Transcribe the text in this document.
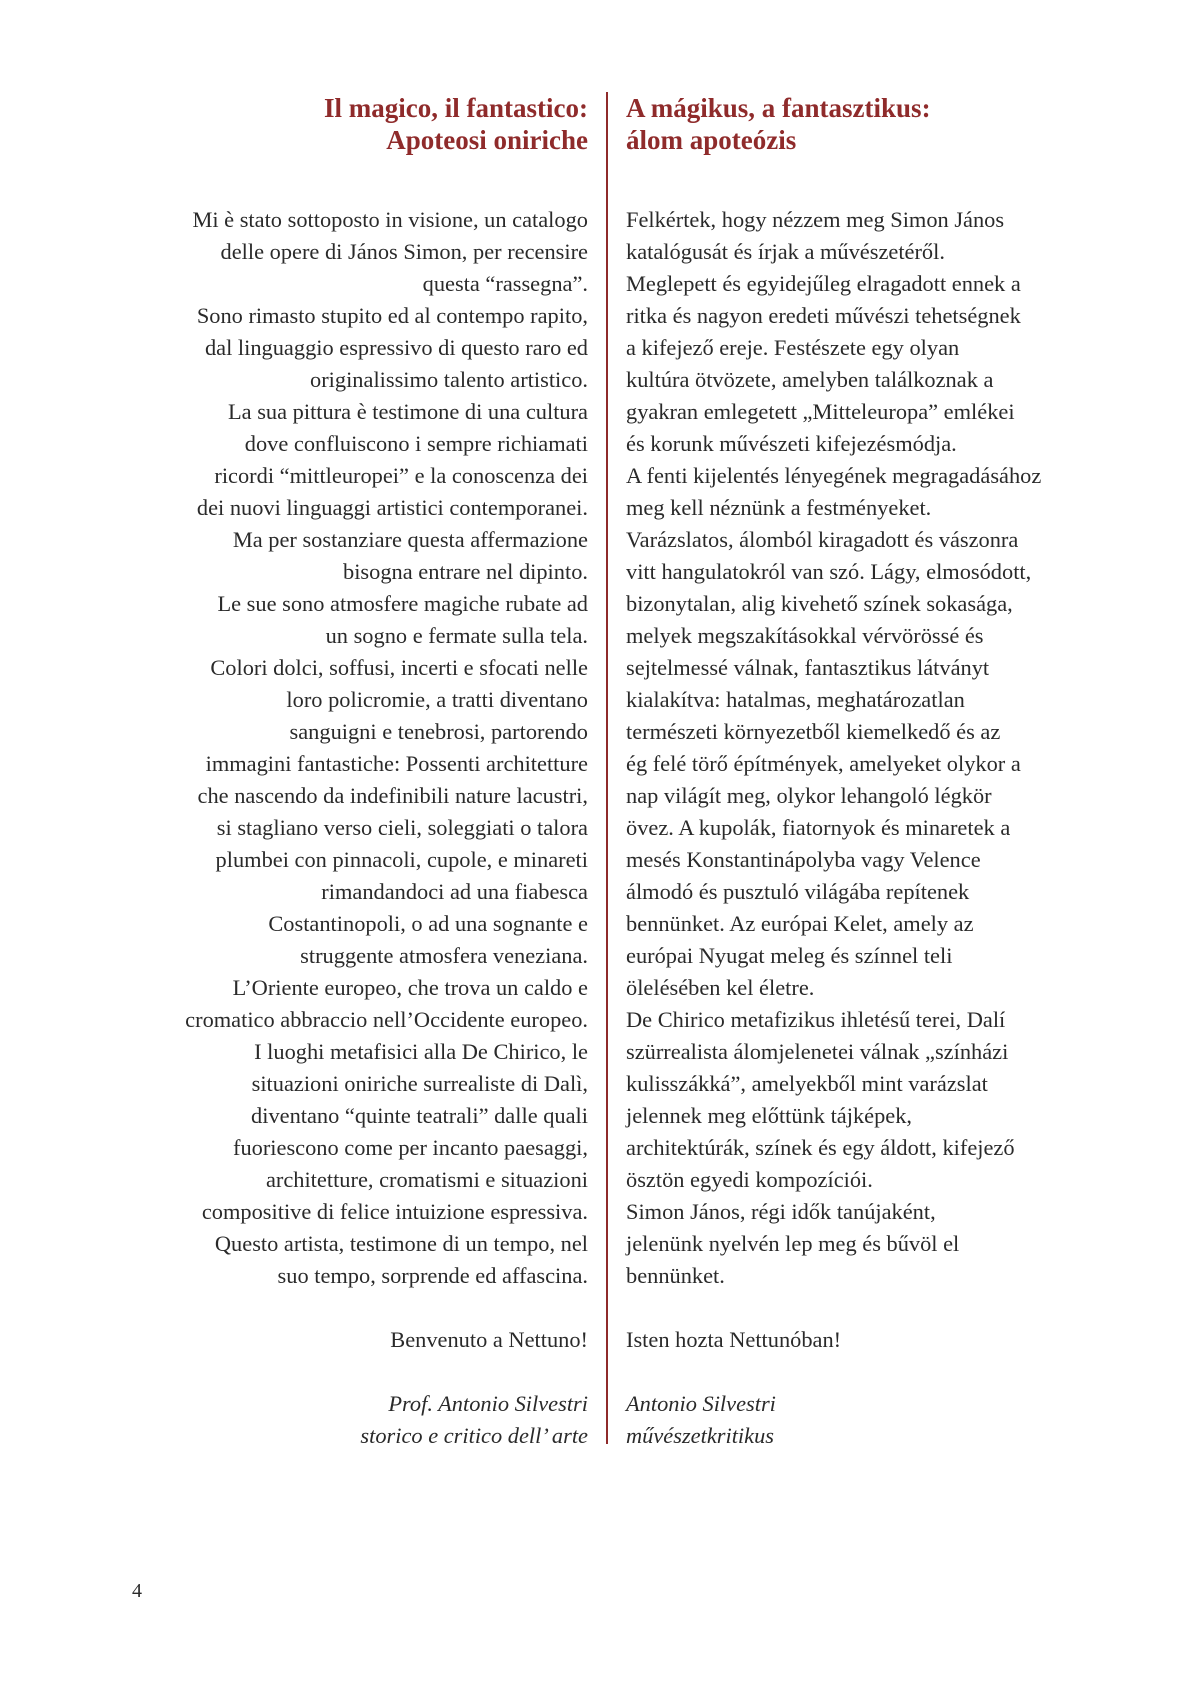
Il magico, il fantastico:
Apoteosi oniriche

Mi è stato sottoposto in visione, un catalogo

delle opere di János Simon, per recensire

questa “rassegna”.

Sono rimasto stupito ed al contempo rapito,

dal linguaggio espressivo di questo raro ed

originalissimo talento artistico.

La sua pittura è testimone di una cultura

dove confluiscono i sempre richiamati

ricordi “mittleuropei” e la conoscenza dei

dei nuovi linguaggi artistici contemporanei.

Ma per sostanziare questa affermazione

bisogna entrare nel dipinto.

Le sue sono atmosfere magiche rubate ad

un sogno e fermate sulla tela.

Colori dolci, soffusi, incerti e sfocati nelle

loro policromie, a tratti diventano

sanguigni e tenebrosi, partorendo

immagini fantastiche: Possenti architetture

che nascendo da indefinibili nature lacustri,

si stagliano verso cieli, soleggiati o talora

plumbei con pinnacoli, cupole, e minareti

rimandandoci ad una fiabesca

Costantinopoli, o ad una sognante e

struggente atmosfera veneziana.

L’Oriente europeo, che trova un caldo e

cromatico abbraccio nell’Occidente europeo.

I luoghi metafisici alla De Chirico, le

situazioni oniriche surrealiste di Dalì,

diventano “quinte teatrali” dalle quali

fuoriescono come per incanto paesaggi,

architetture, cromatismi e situazioni

compositive di felice intuizione espressiva.

Questo artista, testimone di un tempo, nel

suo tempo, sorprende ed affascina.

Benvenuto a Nettuno!

Prof. Antonio Silvestri

storico e critico dell’ arte

A mágikus, a fantasztikus:
álom apoteózis

Felkértek, hogy nézzem meg Simon János

katalógusát és írjak a művészetéről.

Meglepett és egyidejűleg elragadott ennek a

ritka és nagyon eredeti művészi tehetségnek

a kifejező ereje. Festészete egy olyan

kultúra ötvözete, amelyben találkoznak a

gyakran emlegetett „Mitteleuropa” emlékei

és korunk művészeti kifejezésmódja.

A fenti kijelentés lényegének megragadásához

meg kell néznünk a festményeket.

Varázslatos, álomból kiragadott és vászonra

vitt hangulatokról van szó. Lágy, elmosódott,

bizonytalan, alig kivehető színek sokasága,

melyek megszakításokkal vérvörössé és

sejtelmessé válnak, fantasztikus látványt

kialakítva: hatalmas, meghatározatlan

természeti környezetből kiemelkedő és az

ég felé törő építmények, amelyeket olykor a

nap világít meg, olykor lehangoló légkör

övez. A kupolák, fiatornyok és minaretek a

mesés Konstantinápolyba vagy Velence

álmodó és pusztuló világába repítenek

bennünket. Az európai Kelet, amely az

európai Nyugat meleg és színnel teli

ölelésében kel életre.

De Chirico metafizikus ihletésű terei, Dalí

szürrealista álomjelenetei válnak „színházi

kulisszákká”, amelyekből mint varázslat

jelennek meg előttünk tájképek,

architektúrák, színek és egy áldott, kifejező

ösztön egyedi kompozíciói.

Simon János, régi idők tanújaként,

jelenünk nyelvén lep meg és bűvöl el

bennünket.

Isten hozta Nettunóban!

Antonio Silvestri

művészetkritikus

4
